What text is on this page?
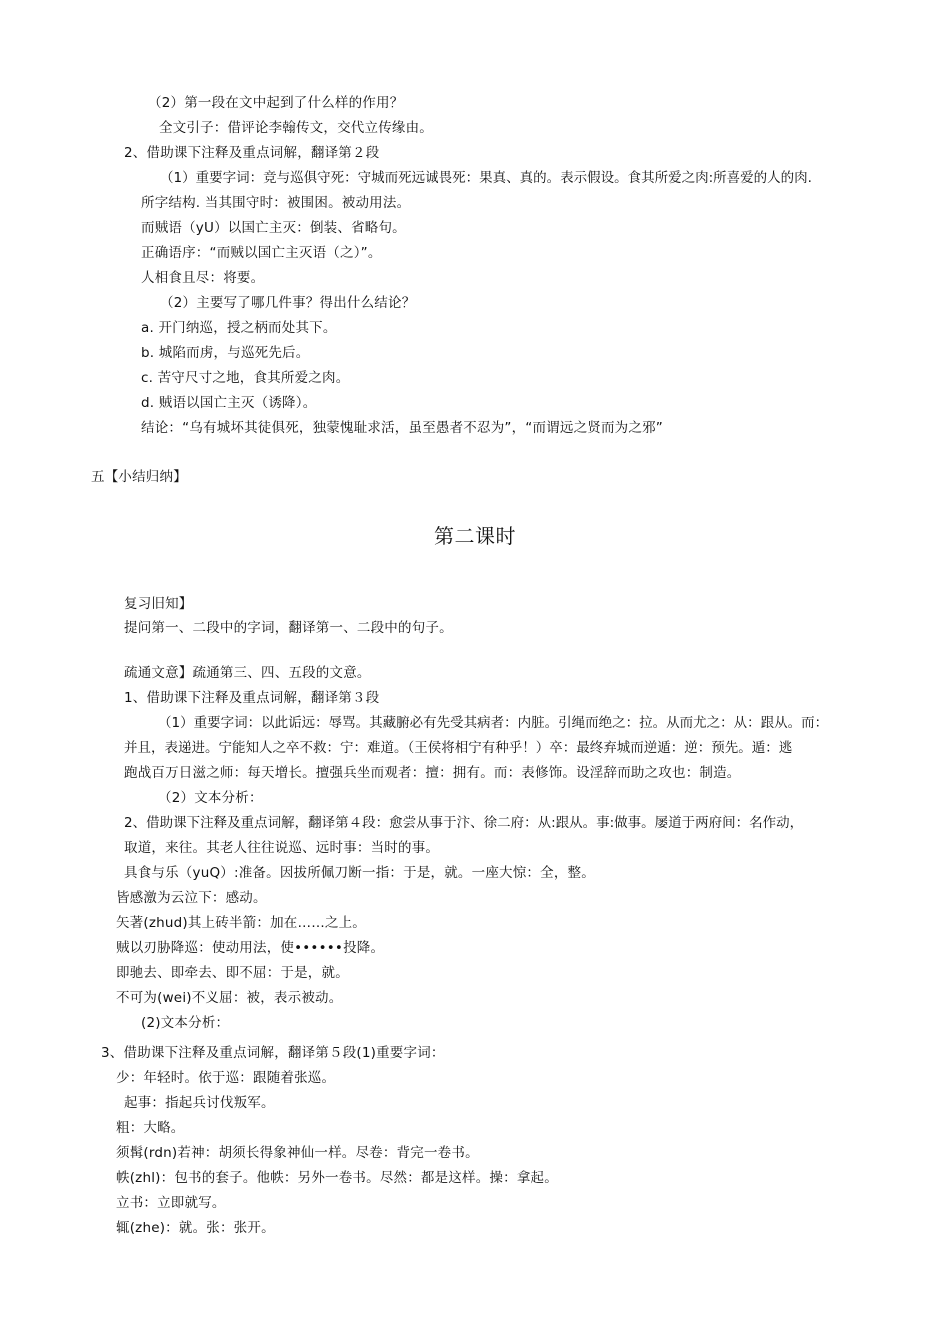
（2）第一段在文中起到了什么样的作用？
全文引子：借评论李翰传文，交代立传缘由。
2、借助课下注释及重点词解，翻译第２段
（1）重要字词：竞与巡俱守死：守城而死远诚畏死：果真、真的。表示假设。食其所爱之肉:所喜爱的人的肉.
所字结构. 当其围守时：被围困。被动用法。
而贼语（yU）以国亡主灭：倒装、省略句。
正确语序：“而贼以国亡主灭语（之）”。
人相食且尽：将要。
（2）主要写了哪几件事？得出什么结论？
a. 开门纳巡，授之柄而处其下。
b. 城陷而虏，与巡死先后。
c. 苦守尺寸之地，食其所爱之肉。
d. 贼语以国亡主灭（诱降）。
结论：“乌有城坏其徒俱死，独蒙愧耻求活，虽至愚者不忍为”，“而谓远之贤而为之邪”
五【小结归纳】
第二课时
复习旧知】
提问第一、二段中的字词，翻译第一、二段中的句子。
疏通文意】疏通第三、四、五段的文意。
1、借助课下注释及重点词解，翻译第３段
（1）重要字词：以此诟远：辱骂。其藏腑必有先受其病者：内脏。引绳而绝之：拉。从而尤之：从：跟从。而：
并且，表递进。宁能知人之卒不救：宁：难道。（王侯将相宁有种乎！）卒：最终弃城而逆遁：逆：预先。遁：逃
跑战百万日滋之师：每天增长。擅强兵坐而观者：擅：拥有。而：表修饰。设淫辞而助之攻也：制造。
（2）文本分析：
2、借助课下注释及重点词解，翻译第４段：愈尝从事于汴、徐二府：从:跟从。事:做事。屡道于两府间：名作动，
取道，来往。其老人往往说巡、远时事：当时的事。
具食与乐（yuQ）:准备。因拔所佩刀断一指：于是，就。一座大惊：全，整。
皆感激为云泣下：感动。
矢著(zhud)其上砖半箭：加在……之上。
贼以刃胁降巡：使动用法，使••••••投降。
即驰去、即牵去、即不屈：于是，就。
不可为(wei)不义屈：被，表示被动。
(2)文本分析：
3、借助课下注释及重点词解，翻译第５段(1)重要字词：
少：年轻时。依于巡：跟随着张巡。
起事：指起兵讨伐叛军。
粗：大略。
须髯(rdn)若神：胡须长得象神仙一样。尽卷：背完一卷书。
帙(zhl)：包书的套子。他帙：另外一卷书。尽然：都是这样。操：拿起。
立书：立即就写。
辄(zhe)：就。张：张开。
